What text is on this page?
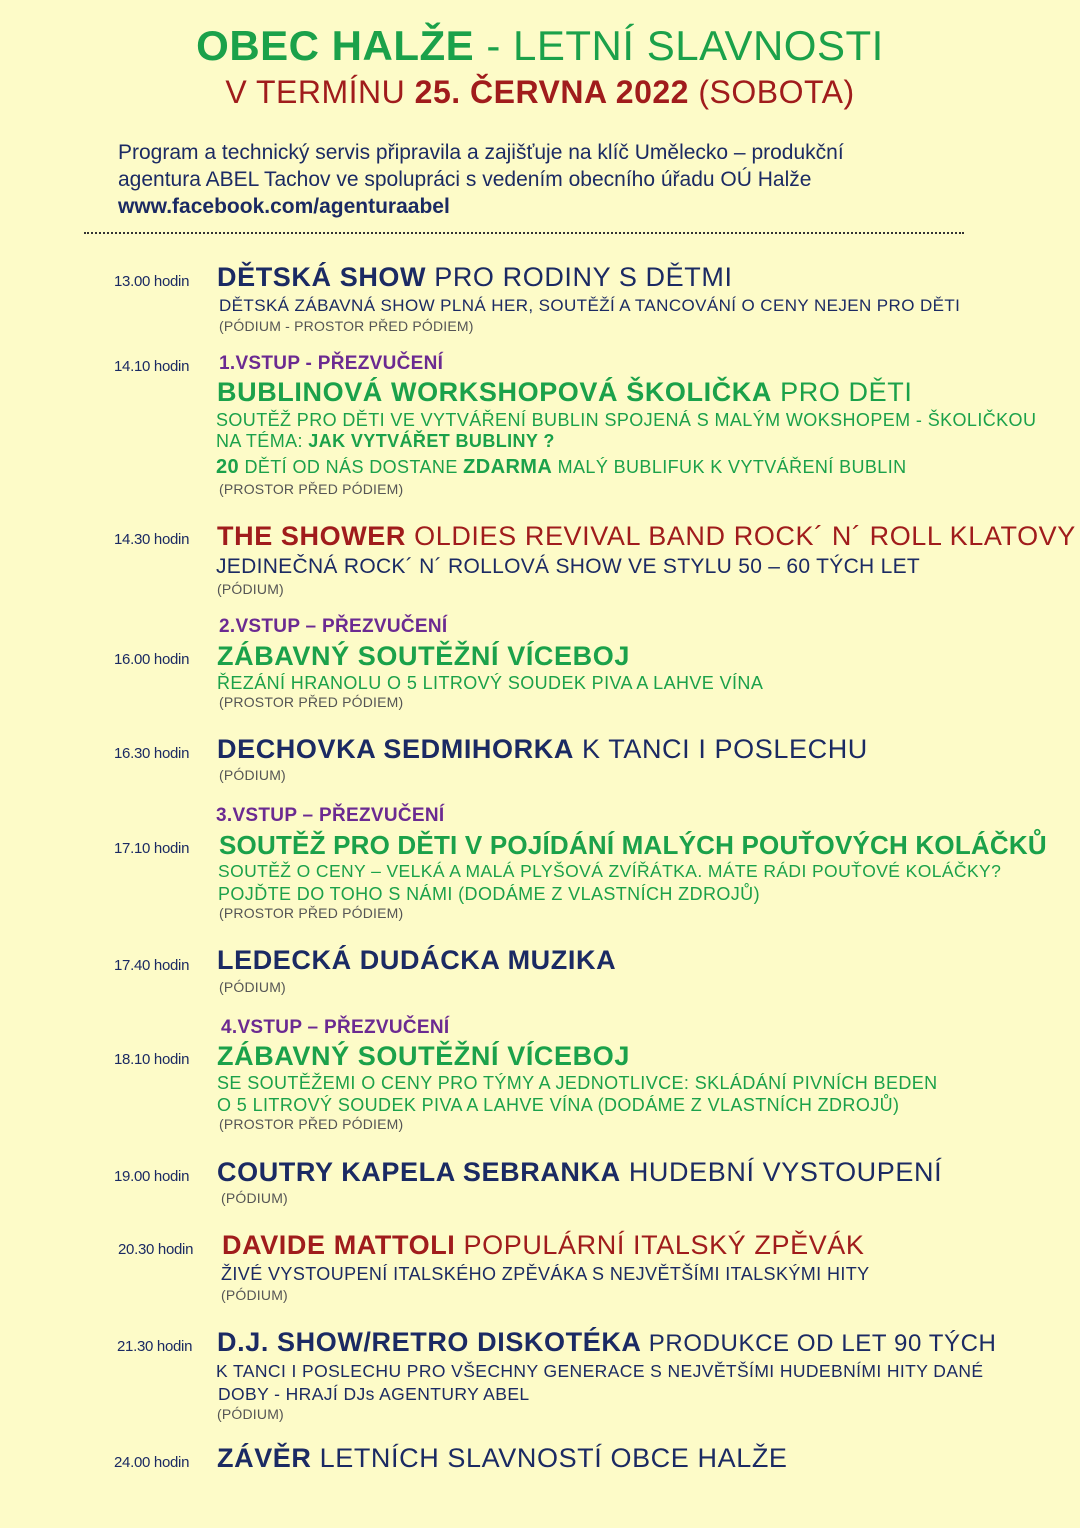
OBEC HALŽE - LETNÍ SLAVNOSTI
V TERMÍNU 25. ČERVNA 2022 (SOBOTA)
Program a technický servis připravila a zajišťuje na klíč Umělecko – produkční
agentura ABEL Tachov ve spolupráci s vedením obecního úřadu OÚ Halže
www.facebook.com/agenturaabel
13.00 hodin DĚTSKÁ SHOW PRO RODINY S DĚTMI
DĚTSKÁ ZÁBAVNÁ SHOW PLNÁ HER, SOUTĚŽÍ A TANCOVÁNÍ O CENY NEJEN PRO DĚTI
(PÓDIUM - PROSTOR PŘED PÓDIEM)
14.10 hodin 1.VSTUP - PŘEZVUČENÍ
BUBLINOVÁ WORKSHOPOVÁ ŠKOLIČKA PRO DĚTI
SOUTĚŽ PRO DĚTI VE VYTVÁŘENÍ BUBLIN SPOJENÁ S MALÝM WOKSHOPEM - ŠKOLIČKOU
NA TÉMA: JAK VYTVÁŘET BUBLINY ?
20 DĚTÍ OD NÁS DOSTANE ZDARMA MALÝ BUBLIFUK K VYTVÁŘENÍ BUBLIN
(PROSTOR PŘED PÓDIEM)
14.30 hodin THE SHOWER OLDIES REVIVAL BAND ROCK´ N´ ROLL KLATOVY
JEDINEČNÁ ROCK´ N´ ROLLOVÁ SHOW VE STYLU 50 – 60 TÝCH LET
(PÓDIUM)
2.VSTUP – PŘEZVUČENÍ
16.00 hodin ZÁBAVNÝ SOUTĚŽNÍ VÍCEBOJ
ŘEZÁNÍ HRANOLU O 5 LITROVÝ SOUDEK PIVA A LAHVE VÍNA
(PROSTOR PŘED PÓDIEM)
16.30 hodin DECHOVKA SEDMIHORKA K TANCI I POSLECHU
(PÓDIUM)
3.VSTUP – PŘEZVUČENÍ
17.10 hodin SOUTĚŽ PRO DĚTI V POJÍDÁNÍ MALÝCH POUŤOVÝCH KOLÁČKŮ
SOUTĚŽ O CENY – VELKÁ A MALÁ PLYŠOVÁ ZVÍŘÁTKA. MÁTE RÁDI POUŤOVÉ KOLÁČKY?
POJĎTE DO TOHO S NÁMI (DODÁME Z VLASTNÍCH ZDROJŮ)
(PROSTOR PŘED PÓDIEM)
17.40 hodin LEDECKÁ DUDÁCKA MUZIKA
(PÓDIUM)
4.VSTUP – PŘEZVUČENÍ
18.10 hodin ZÁBAVNÝ SOUTĚŽNÍ VÍCEBOJ
SE SOUTĚŽEMI O CENY PRO TÝMY A JEDNOTLIVCE: SKLÁDÁNÍ PIVNÍCH BEDEN
O 5 LITROVÝ SOUDEK PIVA A LAHVE VÍNA (DODÁME Z VLASTNÍCH ZDROJŮ)
(PROSTOR PŘED PÓDIEM)
19.00 hodin COUTRY KAPELA SEBRANKA HUDEBNÍ VYSTOUPENÍ
(PÓDIUM)
20.30 hodin DAVIDE MATTOLI POPULÁRNÍ ITALSKÝ ZPĚVÁK
ŽIVÉ VYSTOUPENÍ ITALSKÉHO ZPĚVÁKA S NEJVĚTŠÍMI ITALSKÝMI HITY
(PÓDIUM)
21.30 hodin D.J. SHOW/RETRO DISKOTÉKA PRODUKCE OD LET 90 TÝCH
K TANCI I POSLECHU PRO VŠECHNY GENERACE S NEJVĚTŠÍMI HUDEBNÍMI HITY DANÉ
DOBY - HRAJÍ DJs AGENTURY ABEL
(PÓDIUM)
24.00 hodin ZÁVĚR LETNÍCH SLAVNOSTÍ OBCE HALŽE
